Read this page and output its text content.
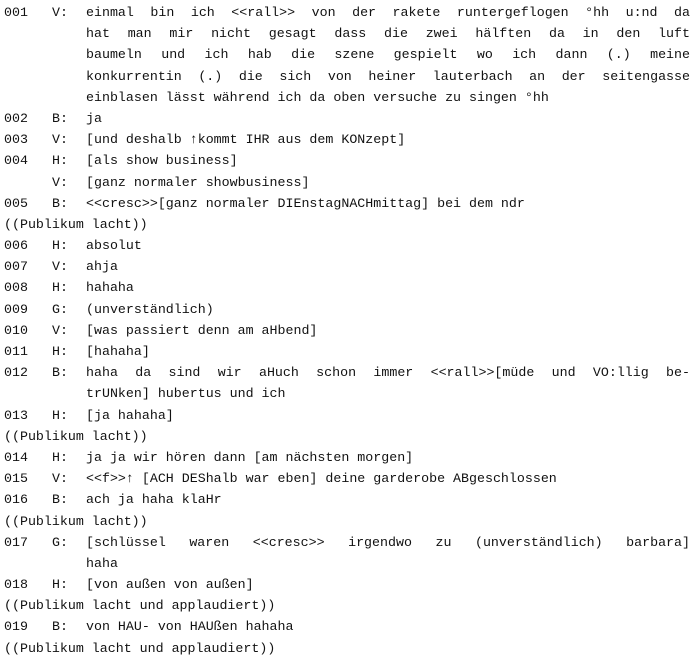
001	V:	einmal bin ich <<rall>> von der rakete runtergeflogen °hh u:nd da
hat man mir nicht gesagt dass die zwei hälften da in den luft
baumeln und ich hab die szene gespielt wo ich dann (.) meine
konkurrentin (.) die sich von heiner lauterbach an der seitengasse
einblasen lässt während ich da oben versuche zu singen °hh
002	B:	ja
003	V:	[und deshalb ↑kommt IHR aus dem KONzept]
004	H:	[als show business]
V:	[ganz normaler showbusiness]
005	B:	<<cresc>>[ganz normaler DIEnstagNACHmittag] bei dem ndr
((Publikum lacht))
006	H:	absolut
007	V:	ahja
008	H:	hahaha
009	G:	(unverständlich)
010	V:	[was passiert denn am aHbend]
011	H:	[hahaha]
012	B:	haha da sind wir aHuch schon immer <<rall>>[müde und VO:llig be-
trUNken] hubertus und ich
013	H:	[ja hahaha]
((Publikum lacht))
014	H:	ja ja wir hören dann [am nächsten morgen]
015	V:	<<f>>↑ [ACH DEShalb war eben] deine garderobe ABgeschlossen
016	B:	ach ja haha klaHr
((Publikum lacht))
017	G:	[schlüssel waren <<cresc>> irgendwo zu (unverständlich) barbara]
haha
018	H:	[von außen von außen]
((Publikum lacht und applaudiert))
019	B:	von HAU- von HAUßen hahaha
((Publikum lacht und applaudiert))
